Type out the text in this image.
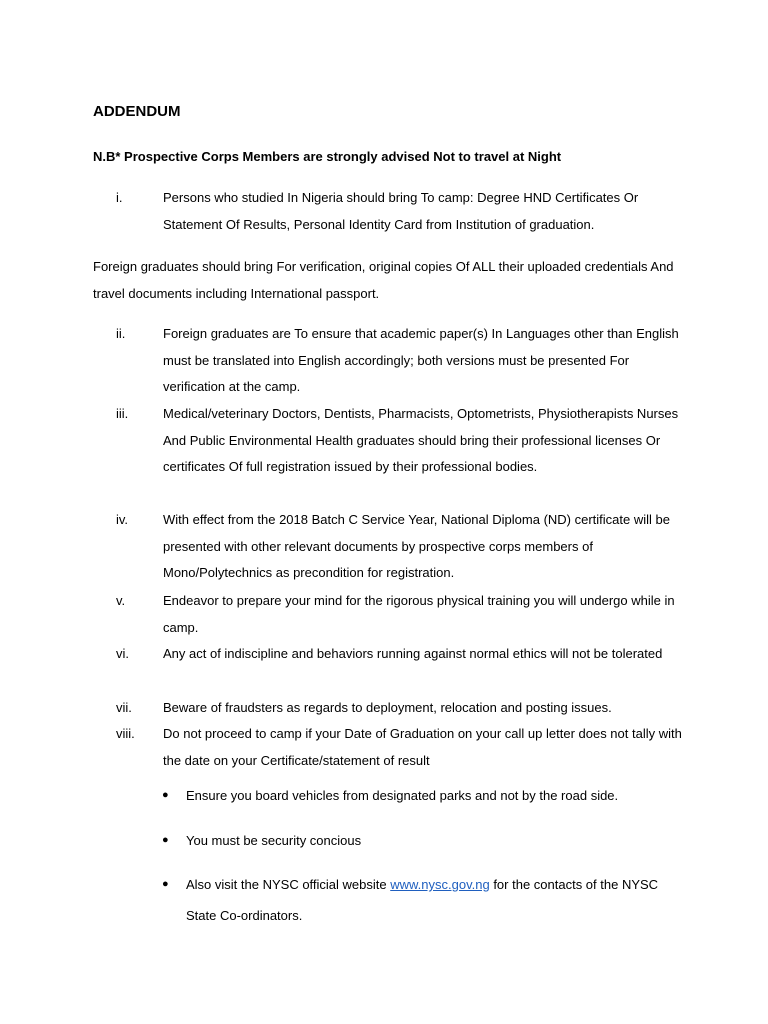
ADDENDUM
N.B* Prospective Corps Members are strongly advised Not to travel at Night
i.	Persons who studied In Nigeria should bring To camp: Degree HND Certificates Or Statement Of Results, Personal Identity Card from Institution of graduation.
Foreign graduates should bring For verification, original copies Of ALL their uploaded credentials And travel documents including International passport.
ii.	Foreign graduates are To ensure that academic paper(s) In Languages other than English must be translated into English accordingly; both versions must be presented For verification at the camp.
iii.	Medical/veterinary Doctors, Dentists, Pharmacists, Optometrists, Physiotherapists Nurses And Public Environmental Health graduates should bring their professional licenses Or certificates Of full registration issued by their professional bodies.
iv.	With effect from the 2018 Batch C Service Year, National Diploma (ND) certificate will be presented with other relevant documents by prospective corps members of Mono/Polytechnics as precondition for registration.
v.	Endeavor to prepare your mind for the rigorous physical training you will undergo while in camp.
vi.	Any act of indiscipline and behaviors running against normal ethics will not be tolerated
vii. Beware of fraudsters as regards to deployment, relocation and posting issues.
viii. Do not proceed to camp if your Date of Graduation on your call up letter does not tally with the date on your Certificate/statement of result
● Ensure you board vehicles from designated parks and not by the road side.
● You must be security concious
● Also visit the NYSC official website www.nysc.gov.ng for the contacts of the NYSC State Co-ordinators.
